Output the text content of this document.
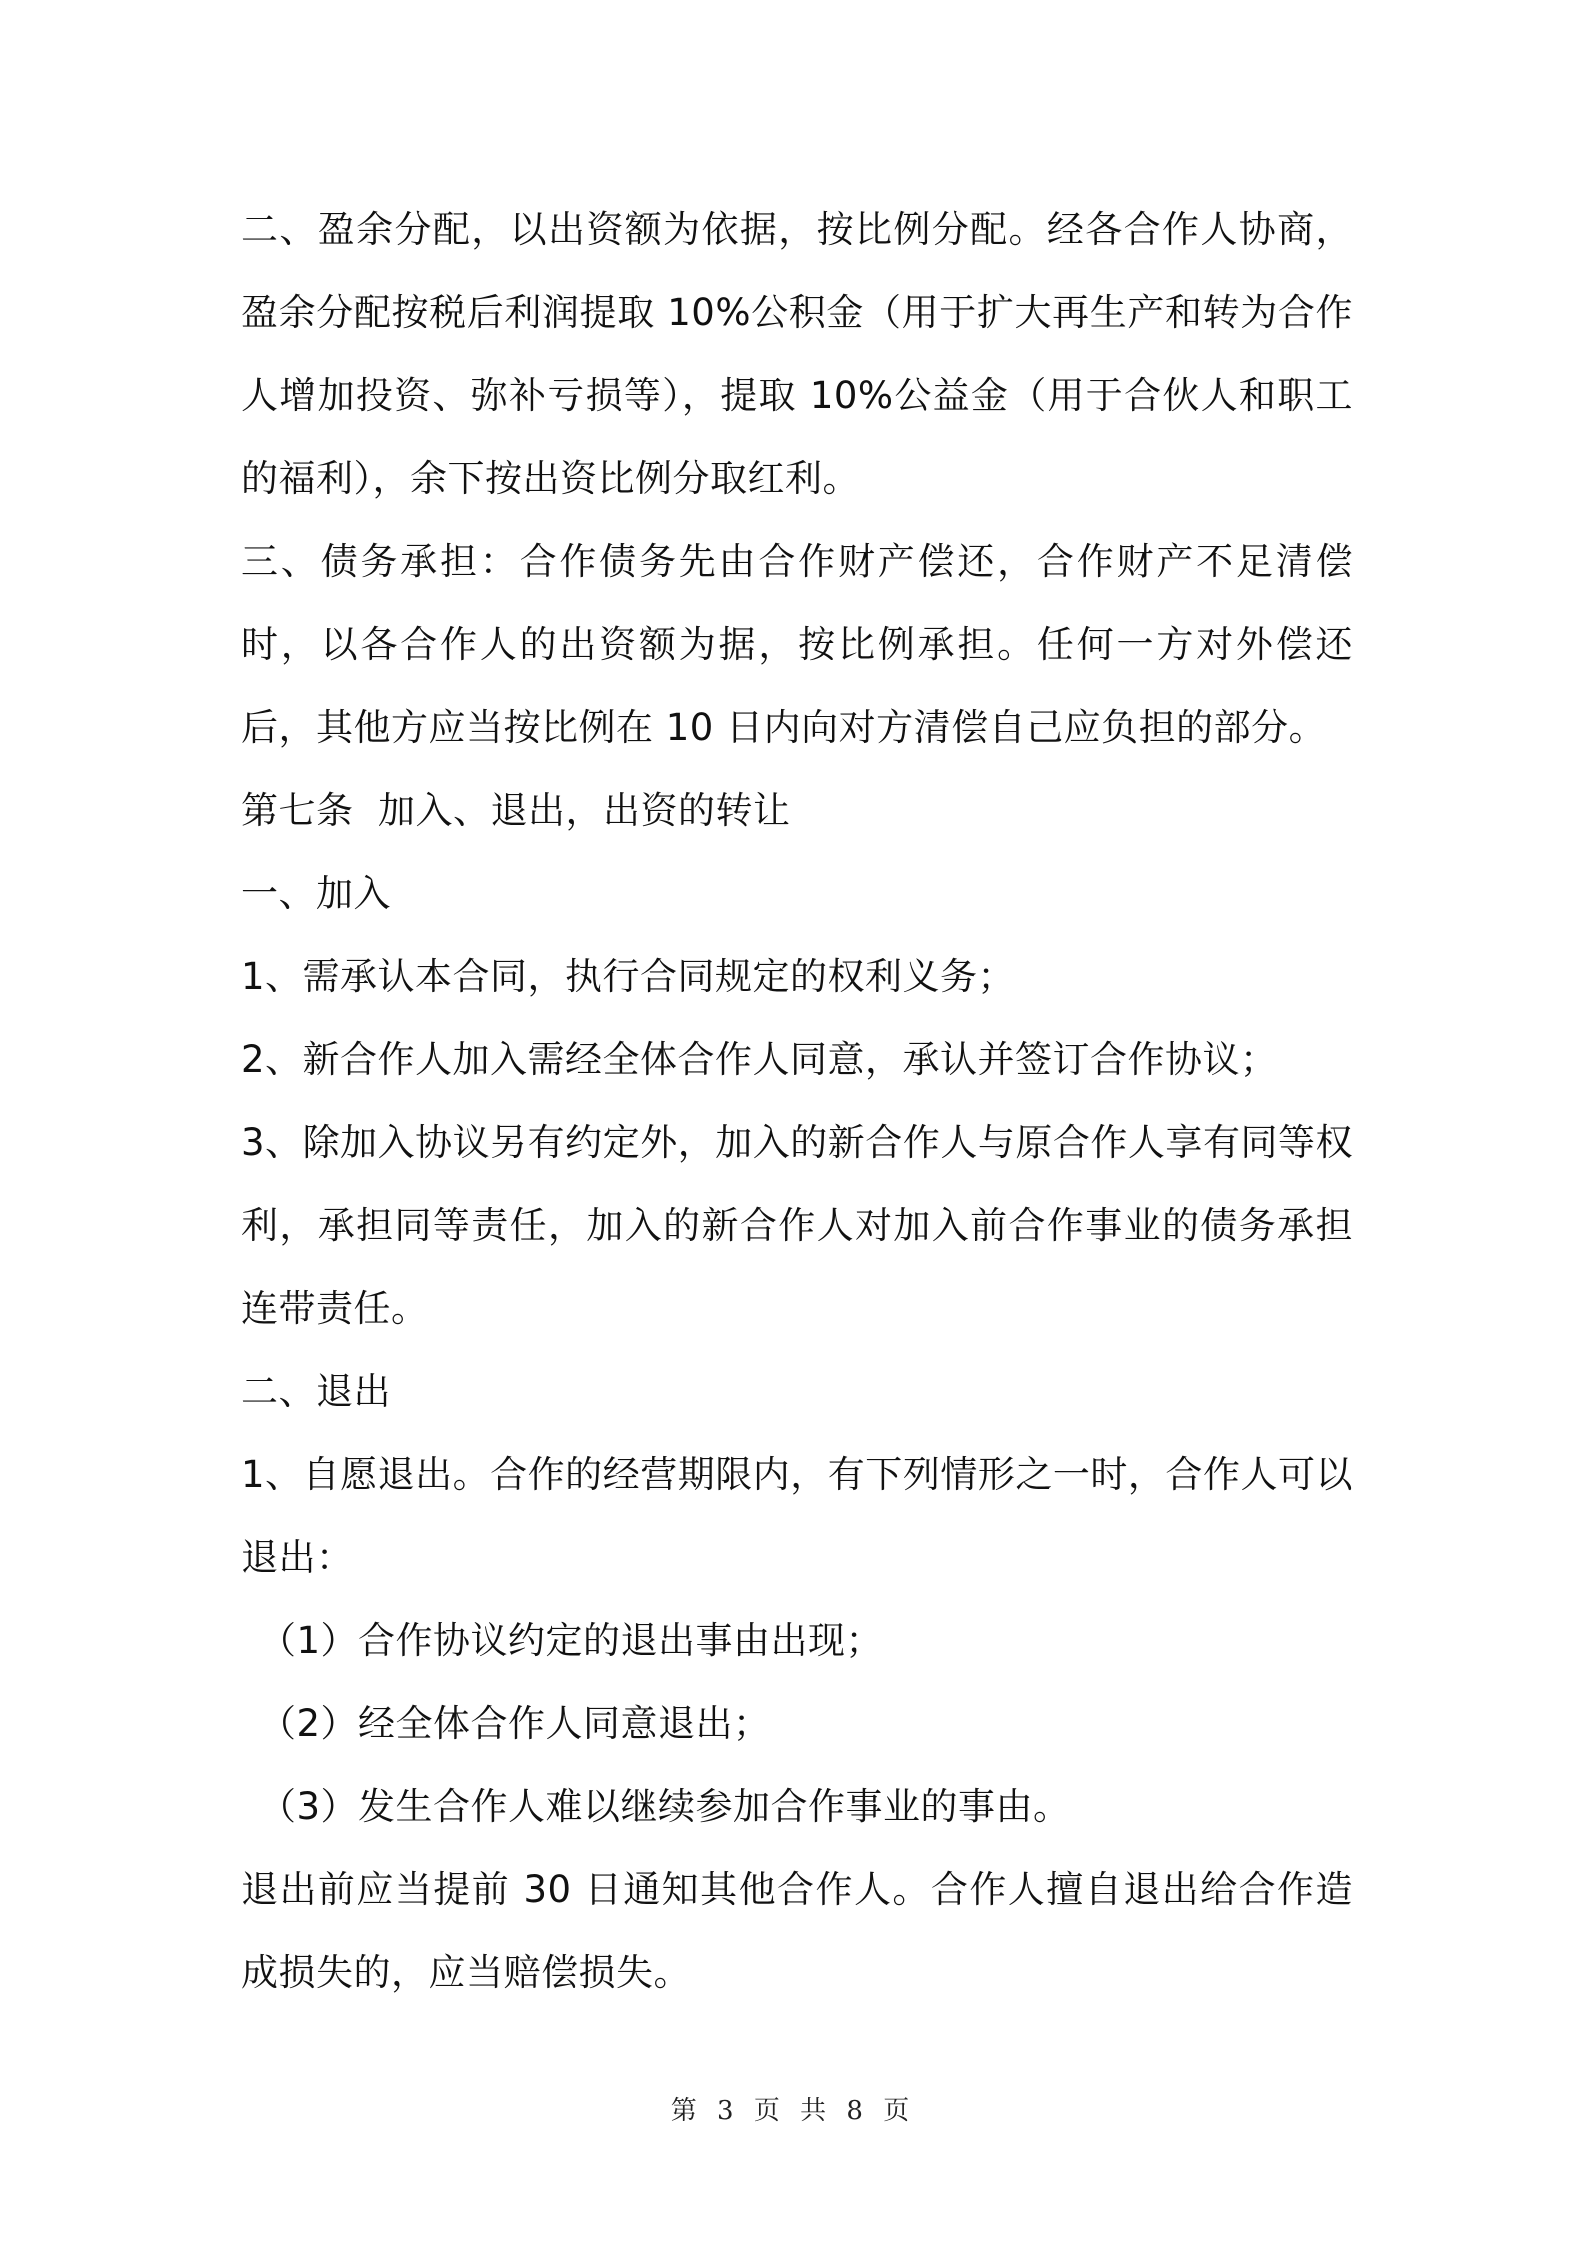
二、盈余分配，以出资额为依据，按比例分配。经各合作人协商，盈余分配按税后利润提取 10%公积金（用于扩大再生产和转为合作人增加投资、弥补亏损等），提取 10%公益金（用于合伙人和职工的福利），余下按出资比例分取红利。

三、债务承担：合作债务先由合作财产偿还，合作财产不足清偿时，以各合作人的出资额为据，按比例承担。任何一方对外偿还后，其他方应当按比例在 10 日内向对方清偿自己应负担的部分。

第七条  加入、退出，出资的转让

一、加入

1、需承认本合同，执行合同规定的权利义务；

2、新合作人加入需经全体合作人同意，承认并签订合作协议；

3、除加入协议另有约定外，加入的新合作人与原合作人享有同等权利，承担同等责任，加入的新合作人对加入前合作事业的债务承担连带责任。

二、退出

1、自愿退出。合作的经营期限内，有下列情形之一时，合作人可以退出：

（1）合作协议约定的退出事由出现；

（2）经全体合作人同意退出；

（3）发生合作人难以继续参加合作事业的事由。

退出前应当提前 30 日通知其他合作人。合作人擅自退出给合作造成损失的，应当赔偿损失。

第 3 页 共 8 页
